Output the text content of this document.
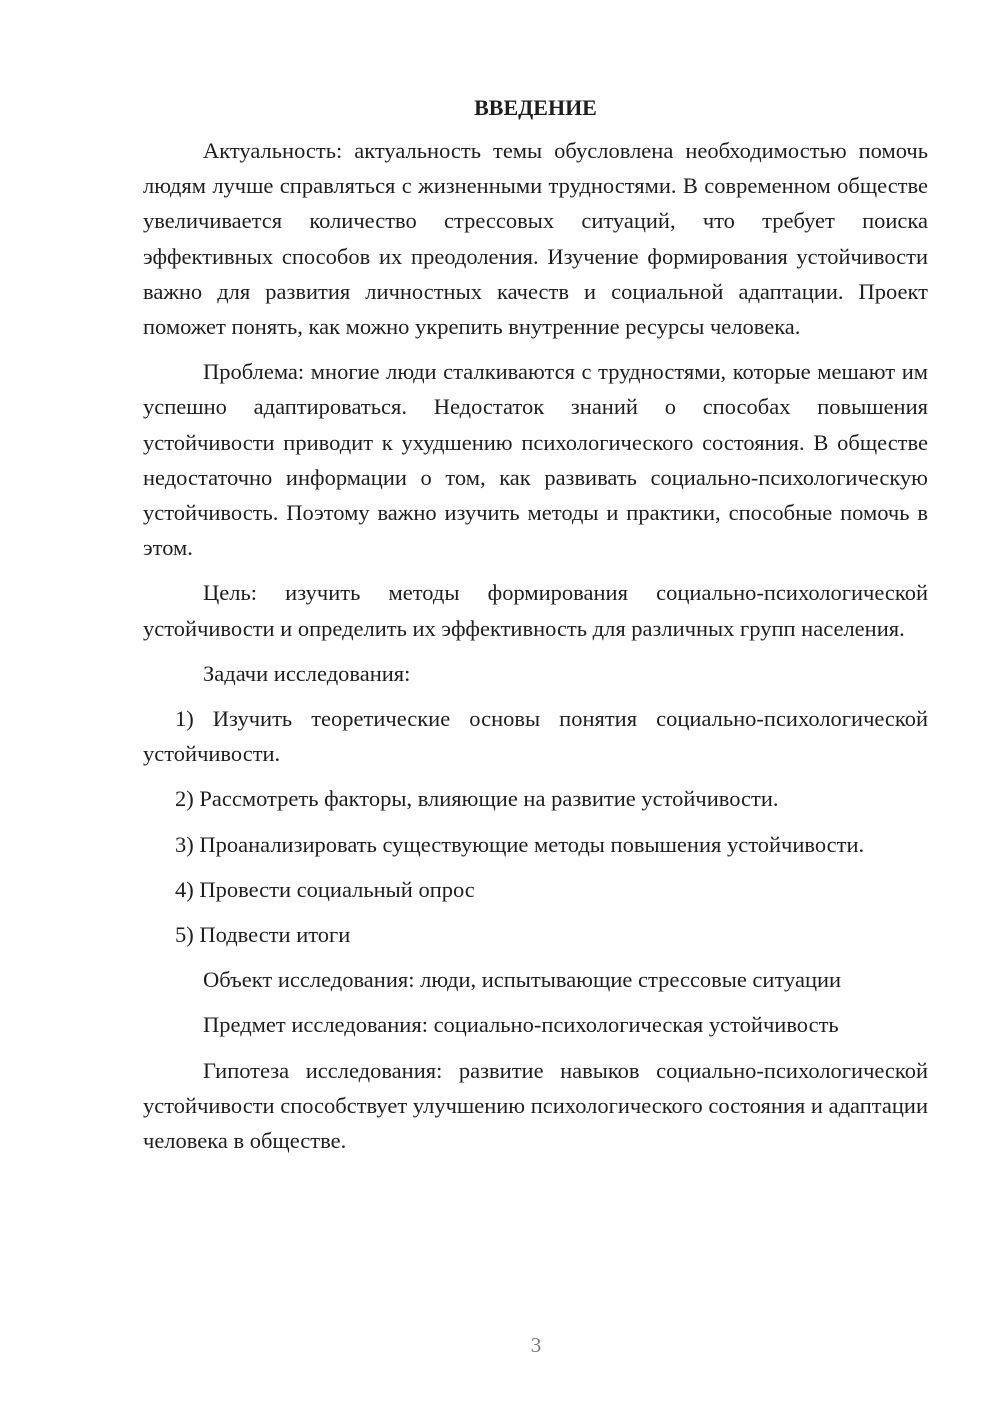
ВВЕДЕНИЕ

Актуальность: актуальность темы обусловлена необходимостью помочь людям лучше справляться с жизненными трудностями. В современном обществе увеличивается количество стрессовых ситуаций, что требует поиска эффективных способов их преодоления. Изучение формирования устойчивости важно для развития личностных качеств и социальной адаптации. Проект поможет понять, как можно укрепить внутренние ресурсы человека.

Проблема: многие люди сталкиваются с трудностями, которые мешают им успешно адаптироваться. Недостаток знаний о способах повышения устойчивости приводит к ухудшению психологического состояния. В обществе недостаточно информации о том, как развивать социально-психологическую устойчивость. Поэтому важно изучить методы и практики, способные помочь в этом.

Цель: изучить методы формирования социально-психологической устойчивости и определить их эффективность для различных групп населения.

Задачи исследования:

1) Изучить теоретические основы понятия социально-психологической устойчивости.

2) Рассмотреть факторы, влияющие на развитие устойчивости.

3) Проанализировать существующие методы повышения устойчивости.

4) Провести социальный опрос

5) Подвести итоги

Объект исследования: люди, испытывающие стрессовые ситуации

Предмет исследования: социально-психологическая устойчивость

Гипотеза исследования: развитие навыков социально-психологической устойчивости способствует улучшению психологического состояния и адаптации человека в обществе.

3
